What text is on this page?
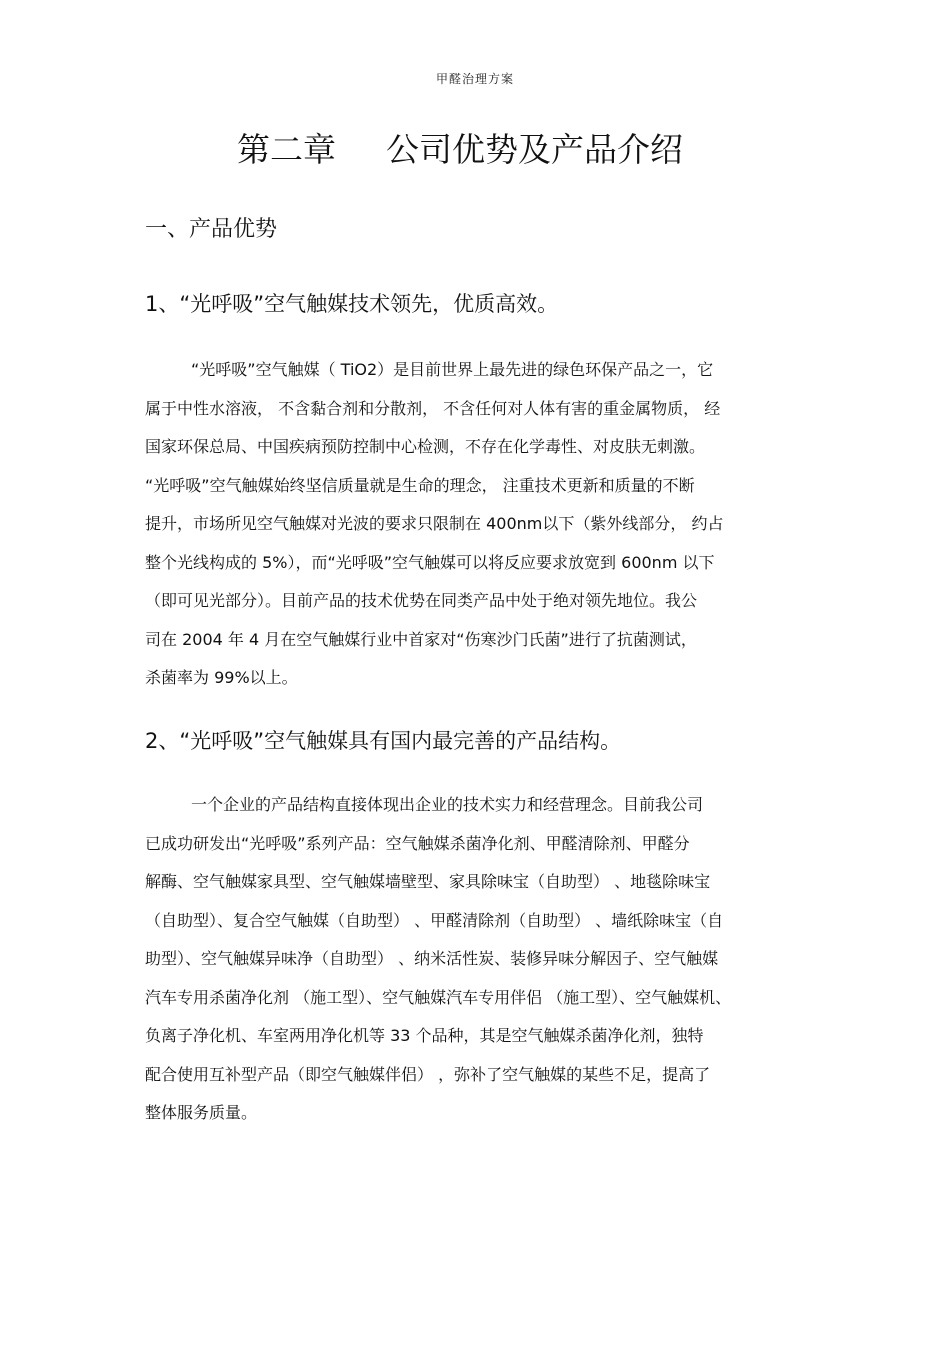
甲醛治理方案
第二章 公司优势及产品介绍
一、产品优势
1、“光呼吸”空气触媒技术领先，优质高效。
“光呼吸”空气触媒（ TiO2）是目前世界上最先进的绿色环保产品之一，它
属于中性水溶液， 不含黏合剂和分散剂， 不含任何对人体有害的重金属物质， 经
国家环保总局、中国疾病预防控制中心检测，不存在化学毒性、对皮肤无刺激。
“光呼吸”空气触媒始终坚信质量就是生命的理念， 注重技术更新和质量的不断
提升，市场所见空气触媒对光波的要求只限制在 400nm以下（紫外线部分， 约占
整个光线构成的 5%），而“光呼吸”空气触媒可以将反应要求放宽到 600nm 以下
（即可见光部分）。目前产品的技术优势在同类产品中处于绝对领先地位。我公
司在 2004 年 4 月在空气触媒行业中首家对“伤寒沙门氏菌”进行了抗菌测试，
杀菌率为 99%以上。
2、“光呼吸”空气触媒具有国内最完善的产品结构。
一个企业的产品结构直接体现出企业的技术实力和经营理念。目前我公司
已成功研发出“光呼吸”系列产品：空气触媒杀菌净化剂、甲醛清除剂、甲醛分
解酶、空气触媒家具型、空气触媒墙壁型、家具除味宝（自助型） 、地毯除味宝
（自助型）、复合空气触媒（自助型） 、甲醛清除剂（自助型） 、墙纸除味宝（自
助型）、空气触媒异味净（自助型） 、纳米活性炭、装修异味分解因子、空气触媒
汽车专用杀菌净化剂 （施工型）、空气触媒汽车专用伴侣 （施工型）、空气触媒机、
负离子净化机、车室两用净化机等 33 个品种，其是空气触媒杀菌净化剂，独特
配合使用互补型产品（即空气触媒伴侣） ，弥补了空气触媒的某些不足，提高了
整体服务质量。
